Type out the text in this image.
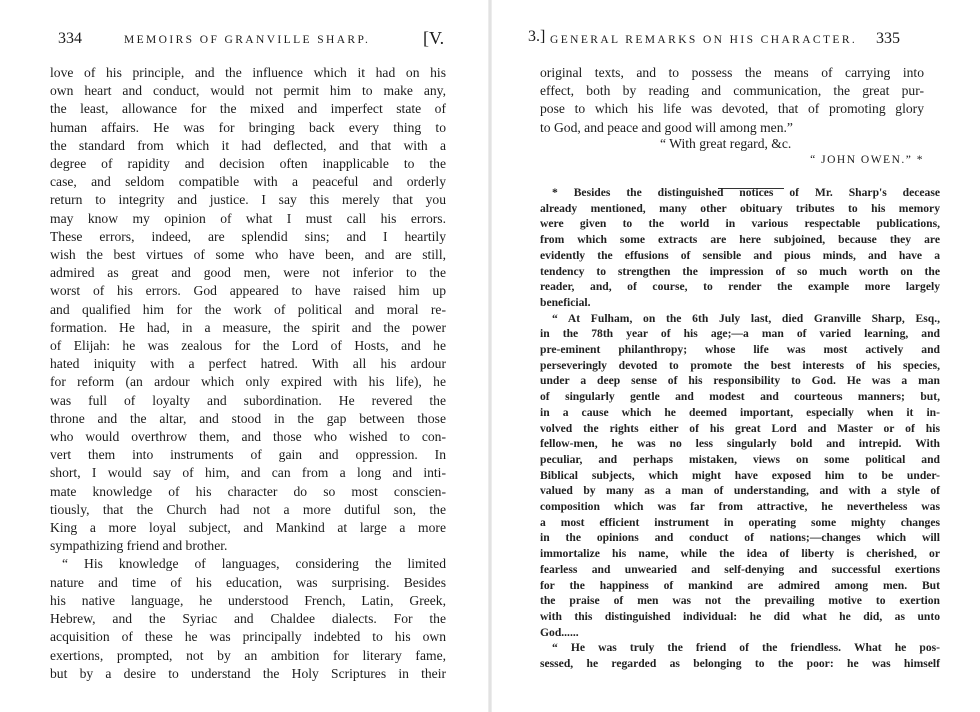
334	MEMOIRS OF GRANVILLE SHARP.	[V.
love of his principle, and the influence which it had on his
own heart and conduct, would not permit him to make any,
the least, allowance for the mixed and imperfect state of
human affairs. He was for bringing back every thing to
the standard from which it had deflected, and that with a
degree of rapidity and decision often inapplicable to the
case, and seldom compatible with a peaceful and orderly
return to integrity and justice. I say this merely that you
may know my opinion of what I must call his errors.
These errors, indeed, are splendid sins; and I heartily
wish the best virtues of some who have been, and are still,
admired as great and good men, were not inferior to the
worst of his errors. God appeared to have raised him up
and qualified him for the work of political and moral re-
formation. He had, in a measure, the spirit and the power
of Elijah: he was zealous for the Lord of Hosts, and he
hated iniquity with a perfect hatred. With all his ardour
for reform (an ardour which only expired with his life), he
was full of loyalty and subordination. He revered the
throne and the altar, and stood in the gap between those
who would overthrow them, and those who wished to con-
vert them into instruments of gain and oppression. In
short, I would say of him, and can from a long and inti-
mate knowledge of his character do so most conscien-
tiously, that the Church had not a more dutiful son, the
King a more loyal subject, and Mankind at large a more
sympathizing friend and brother.
“ His knowledge of languages, considering the limited
nature and time of his education, was surprising. Besides
his native language, he understood French, Latin, Greek,
Hebrew, and the Syriac and Chaldee dialects. For the
acquisition of these he was principally indebted to his own
exertions, prompted, not by an ambition for literary fame,
but by a desire to understand the Holy Scriptures in their
3.] GENERAL REMARKS ON HIS CHARACTER. 335
original texts, and to possess the means of carrying into
effect, both by reading and communication, the great pur-
pose to which his life was devoted, that of promoting glory
to God, and peace and good will among men.”
“ With great regard, &c.
“ JOHN OWEN.” *
* Besides the distinguished notices of Mr. Sharp's decease
already mentioned, many other obituary tributes to his memory
were given to the world in various respectable publications,
from which some extracts are here subjoined, because they are
evidently the effusions of sensible and pious minds, and have a
tendency to strengthen the impression of so much worth on the
reader, and, of course, to render the example more largely
beneficial.
“ At Fulham, on the 6th July last, died Granville Sharp, Esq.,
in the 78th year of his age;—a man of varied learning, and
pre-eminent philanthropy; whose life was most actively and
perseveringly devoted to promote the best interests of his species,
under a deep sense of his responsibility to God. He was a man
of singularly gentle and modest and courteous manners; but,
in a cause which he deemed important, especially when it in-
volved the rights either of his great Lord and Master or of his
fellow-men, he was no less singularly bold and intrepid. With
peculiar, and perhaps mistaken, views on some political and
Biblical subjects, which might have exposed him to be under-
valued by many as a man of understanding, and with a style of
composition which was far from attractive, he nevertheless was
a most efficient instrument in operating some mighty changes
in the opinions and conduct of nations;—changes which will
immortalize his name, while the idea of liberty is cherished, or
fearless and unwearied and self-denying and successful exertions
for the happiness of mankind are admired among men. But
the praise of men was not the prevailing motive to exertion
with this distinguished individual: he did what he did, as unto
God......
“ He was truly the friend of the friendless. What he pos-
sessed, he regarded as belonging to the poor: he was himself
